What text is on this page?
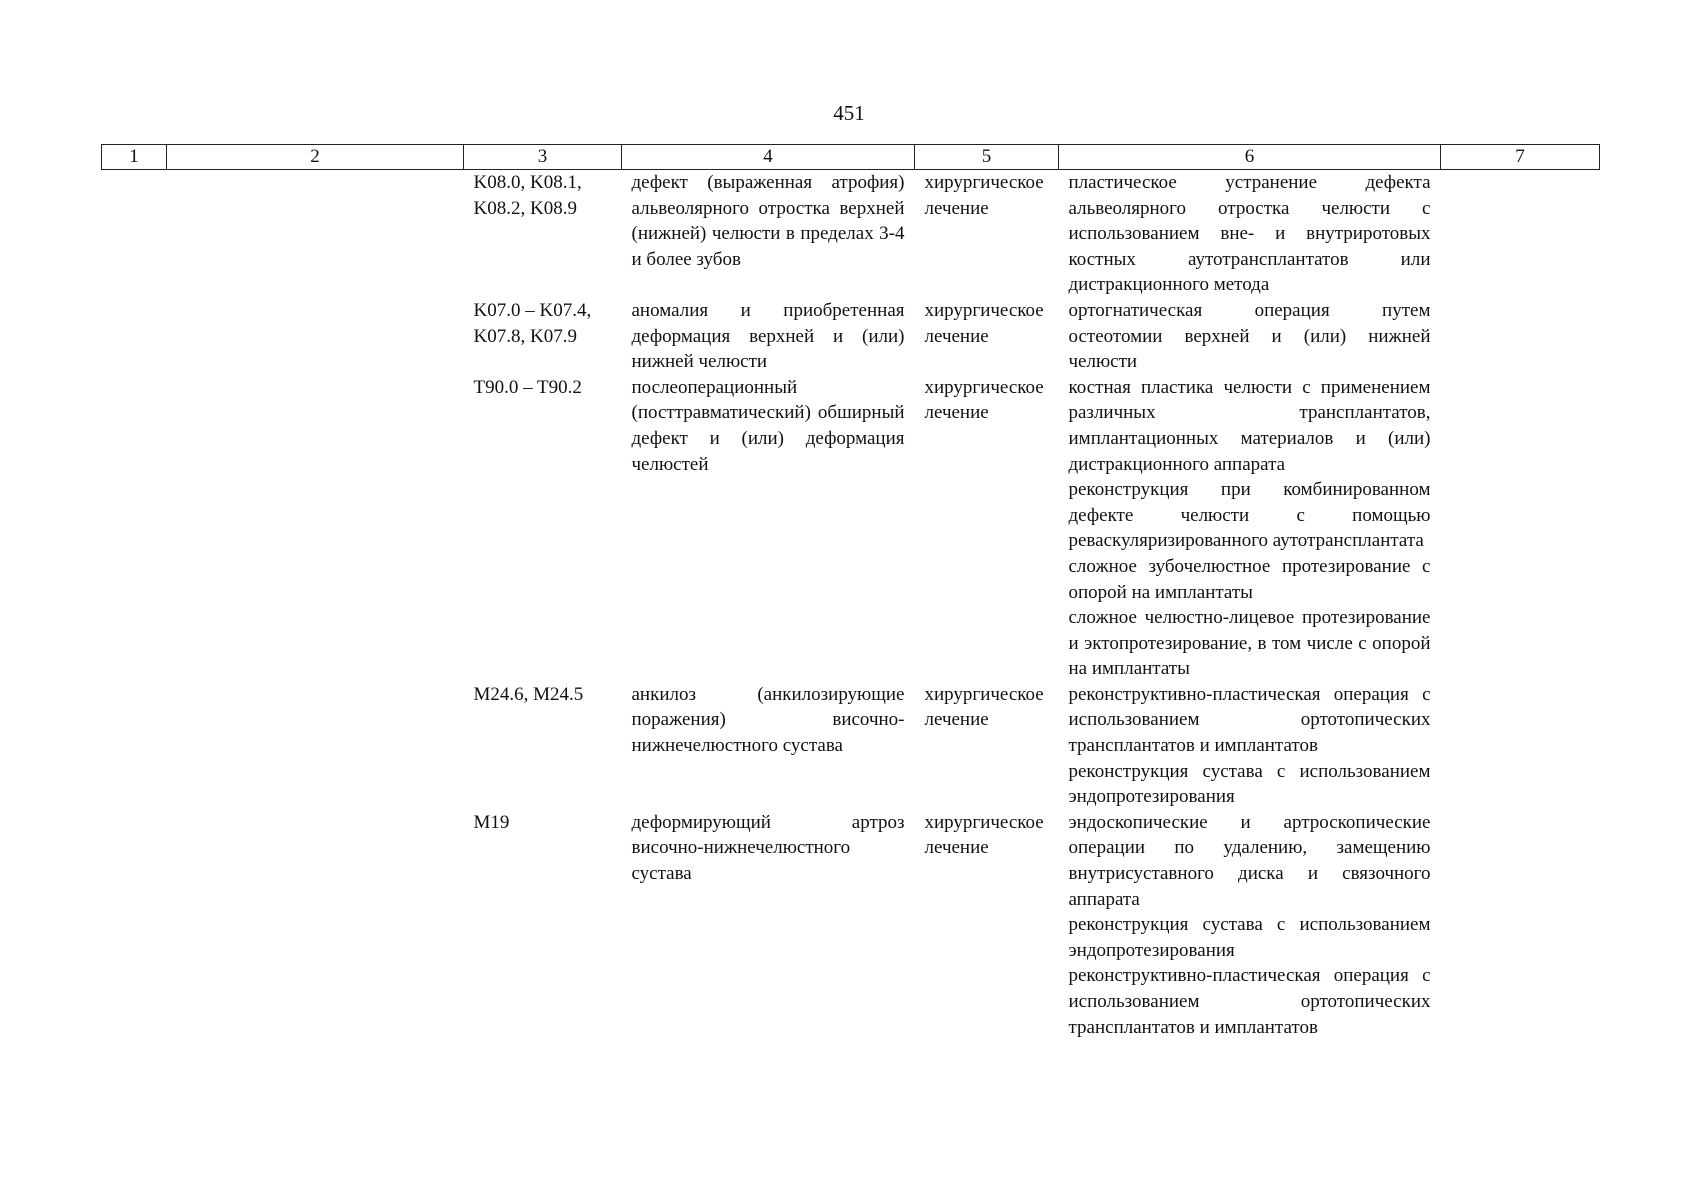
451
1	2	3	4	5	6	7

		K08.0, K08.1, K08.2, K08.9	дефект (выраженная атрофия) альвеолярного отростка верхней (нижней) челюсти в пределах 3-4 и более зубов	хирургическое лечение	пластическое устранение дефекта альвеолярного отростка челюсти с использованием вне- и внутриротовых костных аутотрансплантатов или дистракционного метода	

		K07.0 – K07.4, K07.8, K07.9	аномалия и приобретенная деформация верхней и (или) нижней челюсти	хирургическое лечение	ортогнатическая операция путем остеотомии верхней и (или) нижней челюсти	

		T90.0 – T90.2	послеоперационный (посттравматический) обширный дефект и (или) деформация челюстей	хирургическое лечение	костная пластика челюсти с применением различных трансплантатов, имплантационных материалов и (или) дистракционного аппарата
реконструкция при комбинированном дефекте челюсти с помощью реваскуляризированного аутотрансплантата
сложное зубочелюстное протезирование с опорой на имплантаты
сложное челюстно-лицевое протезирование и эктопротезирование, в том числе с опорой на имплантаты	

		M24.6, M24.5	анкилоз (анкилозирующие поражения) височно-нижнечелюстного сустава	хирургическое лечение	реконструктивно-пластическая операция с использованием ортотопических трансплантатов и имплантатов
реконструкция сустава с использованием эндопротезирования	

		M19	деформирующий артроз височно-нижнечелюстного сустава	хирургическое лечение	эндоскопические и артроскопические операции по удалению, замещению внутрисуставного диска и связочного аппарата
реконструкция сустава с использованием эндопротезирования
реконструктивно-пластическая операция с использованием ортотопических трансплантатов и имплантатов	
